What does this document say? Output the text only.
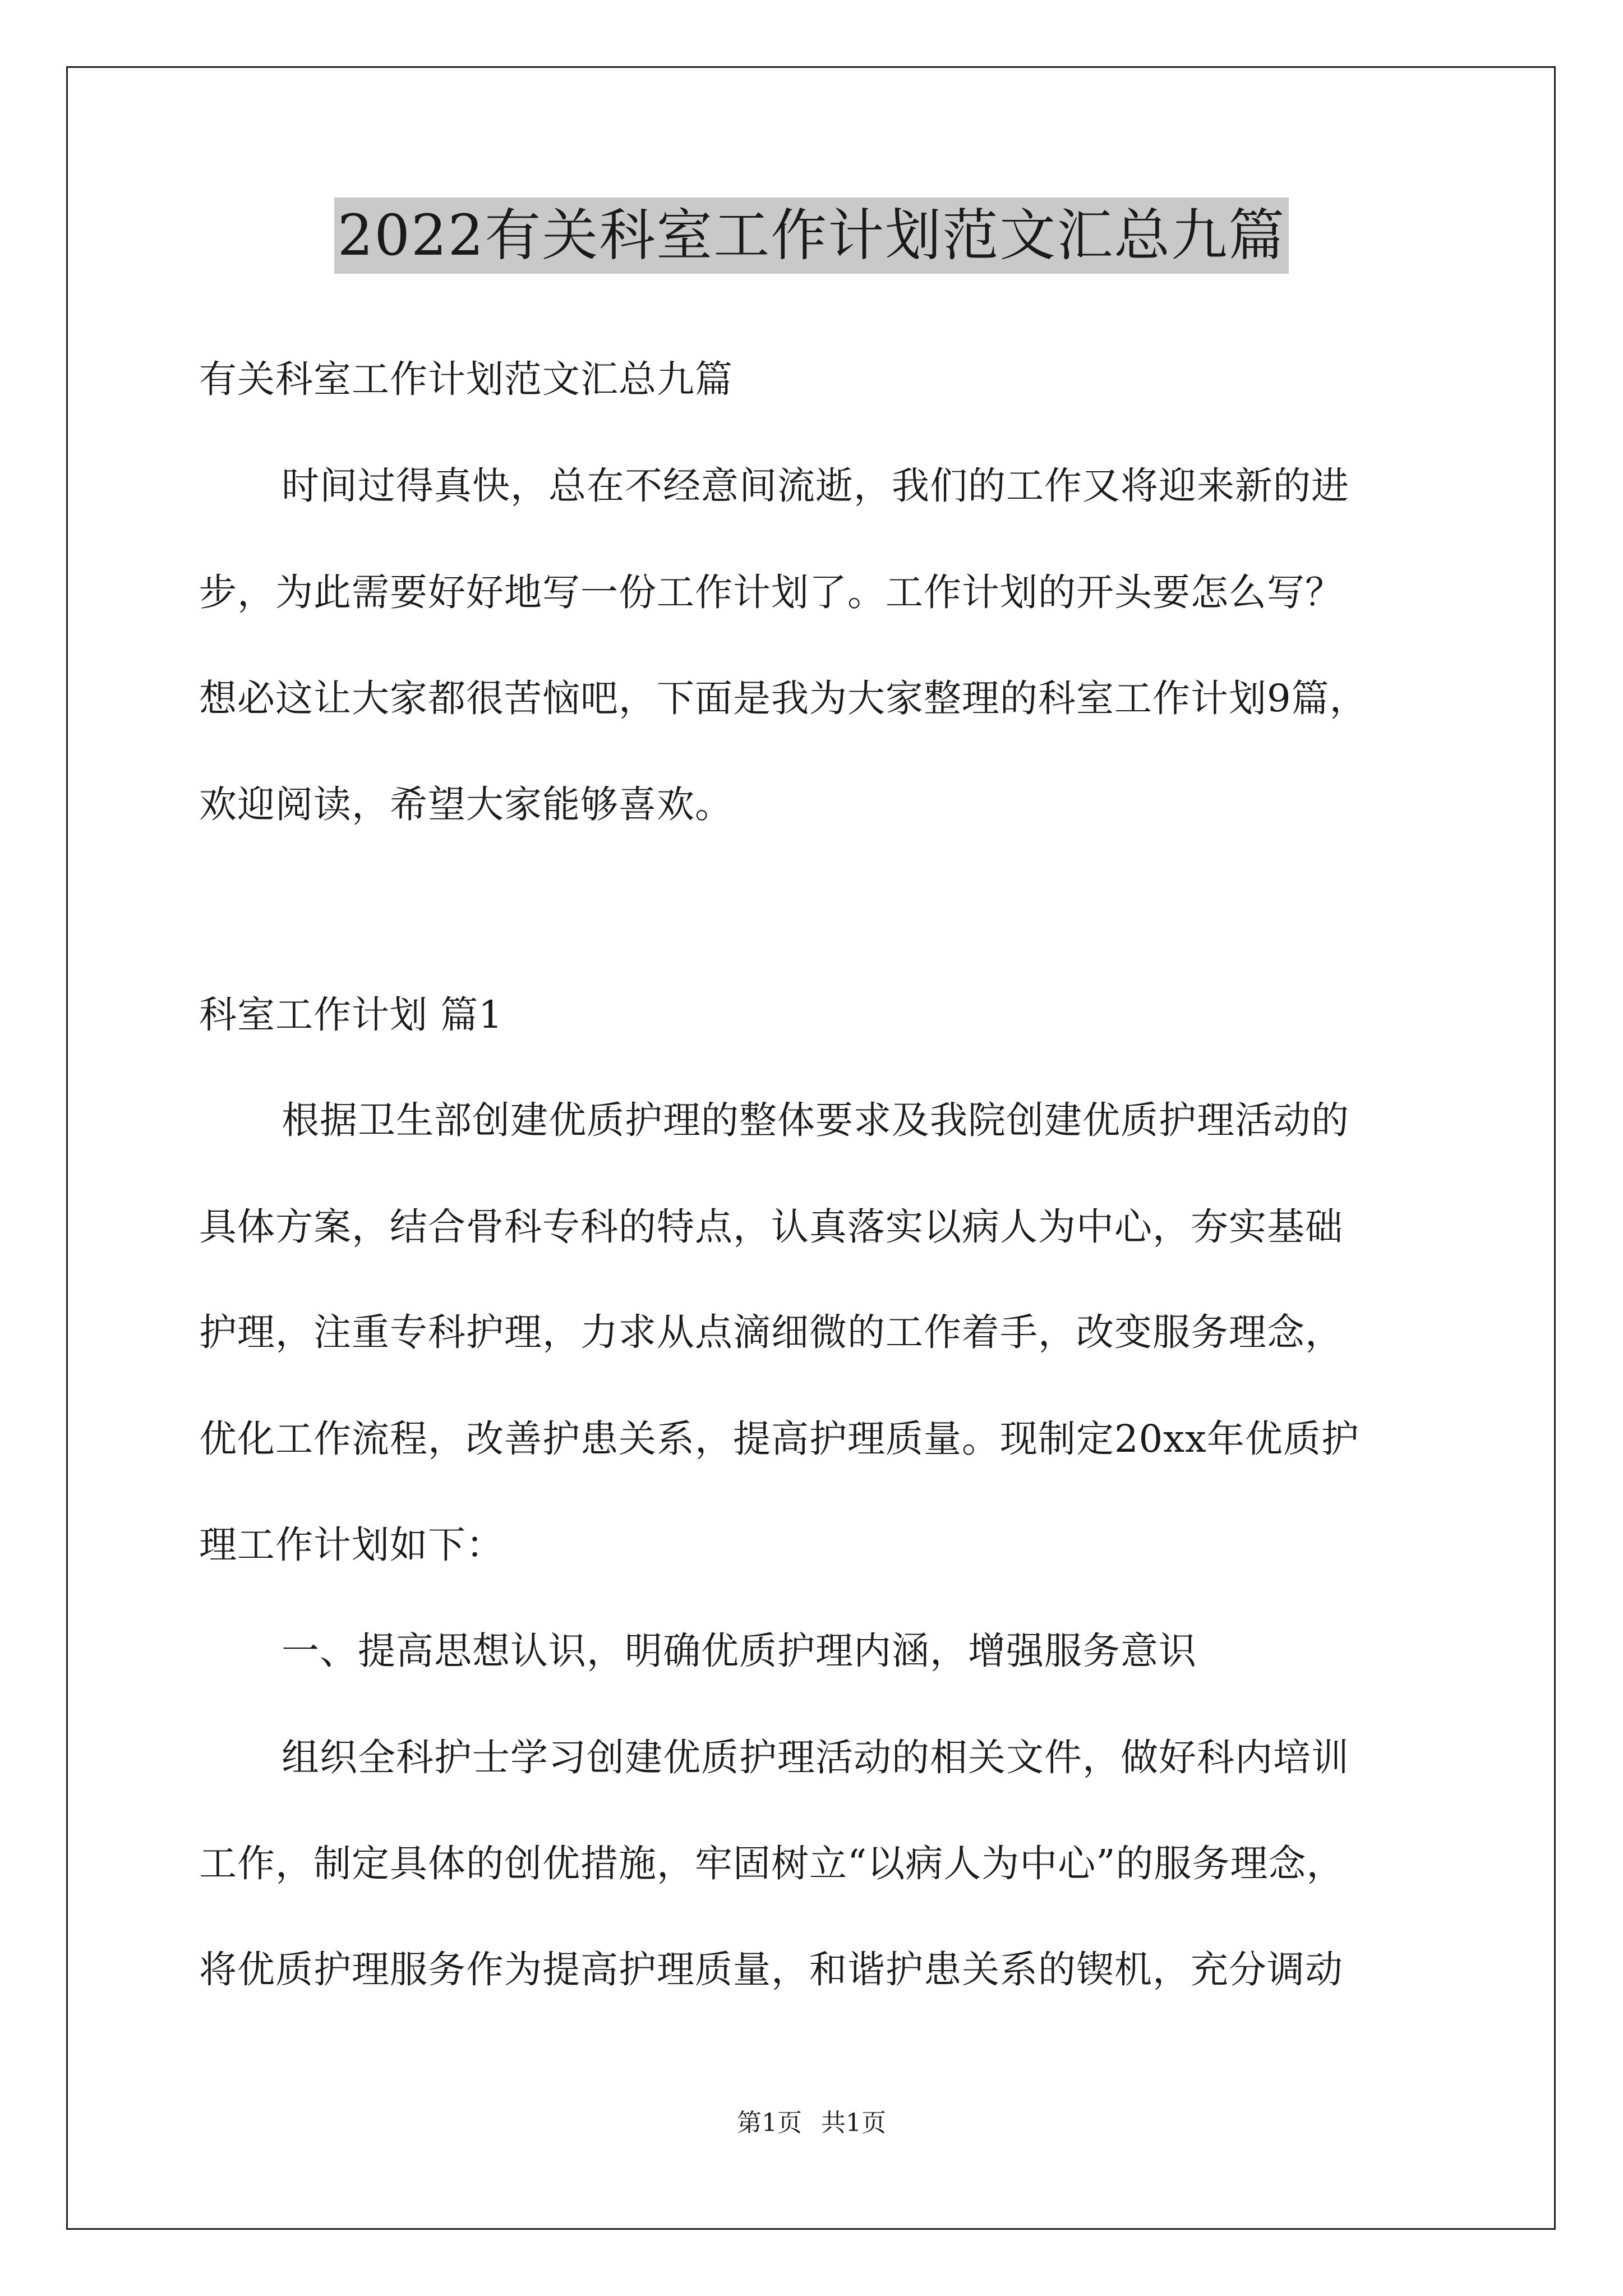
2022有关科室工作计划范文汇总九篇
有关科室工作计划范文汇总九篇
时间过得真快，总在不经意间流逝，我们的工作又将迎来新的进
步，为此需要好好地写一份工作计划了。工作计划的开头要怎么写？
想必这让大家都很苦恼吧，下面是我为大家整理的科室工作计划9篇，
欢迎阅读，希望大家能够喜欢。
科室工作计划 篇1
根据卫生部创建优质护理的整体要求及我院创建优质护理活动的
具体方案，结合骨科专科的特点，认真落实以病人为中心，夯实基础
护理，注重专科护理，力求从点滴细微的工作着手，改变服务理念，
优化工作流程，改善护患关系，提高护理质量。现制定20xx年优质护
理工作计划如下：
一、提高思想认识，明确优质护理内涵，增强服务意识
组织全科护士学习创建优质护理活动的相关文件，做好科内培训
工作，制定具体的创优措施，牢固树立“以病人为中心”的服务理念，
将优质护理服务作为提高护理质量，和谐护患关系的锲机，充分调动
第1页 共1页
